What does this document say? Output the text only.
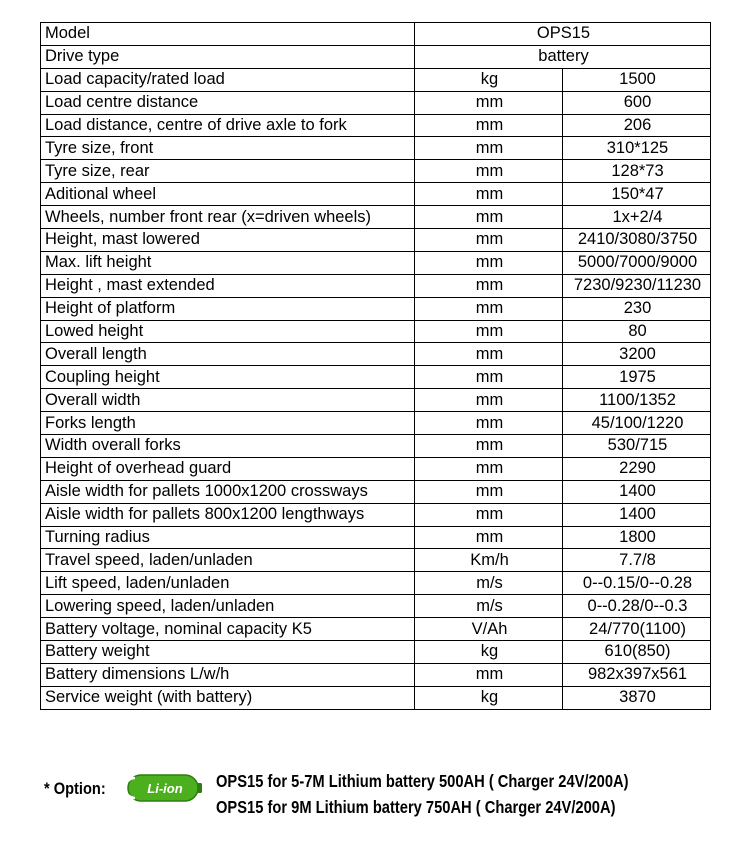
Model	OPS15	
Drive type	battery	
Load capacity/rated load	kg	1500
Load centre distance	mm	600
Load distance, centre of drive axle to fork	mm	206
Tyre size, front	mm	310*125
Tyre size, rear	mm	128*73
Aditional wheel	mm	150*47
Wheels, number front rear (x=driven wheels)	mm	1x+2/4
Height, mast lowered	mm	2410/3080/3750
Max. lift height	mm	5000/7000/9000
Height , mast extended	mm	7230/9230/11230
Height of platform	mm	230
Lowed height	mm	80
Overall length	mm	3200
Coupling height	mm	1975
Overall width	mm	1100/1352
Forks length	mm	45/100/1220
Width overall forks	mm	530/715
Height of overhead guard	mm	2290
Aisle width for pallets 1000x1200 crossways	mm	1400
Aisle width for pallets 800x1200 lengthways	mm	1400
Turning radius	mm	1800
Travel speed, laden/unladen	Km/h	7.7/8
Lift speed, laden/unladen	m/s	0--0.15/0--0.28
Lowering speed, laden/unladen	m/s	0--0.28/0--0.3
Battery voltage, nominal capacity K5	V/Ah	24/770(1100)
Battery weight	kg	610(850)
Battery dimensions L/w/h	mm	982x397x561
Service weight (with battery)	kg	3870
* Option:	Li-ion OPS15 for 5-7M Lithium battery 500AH ( Charger 24V/200A)
OPS15 for 9M Lithium battery 750AH ( Charger 24V/200A)
